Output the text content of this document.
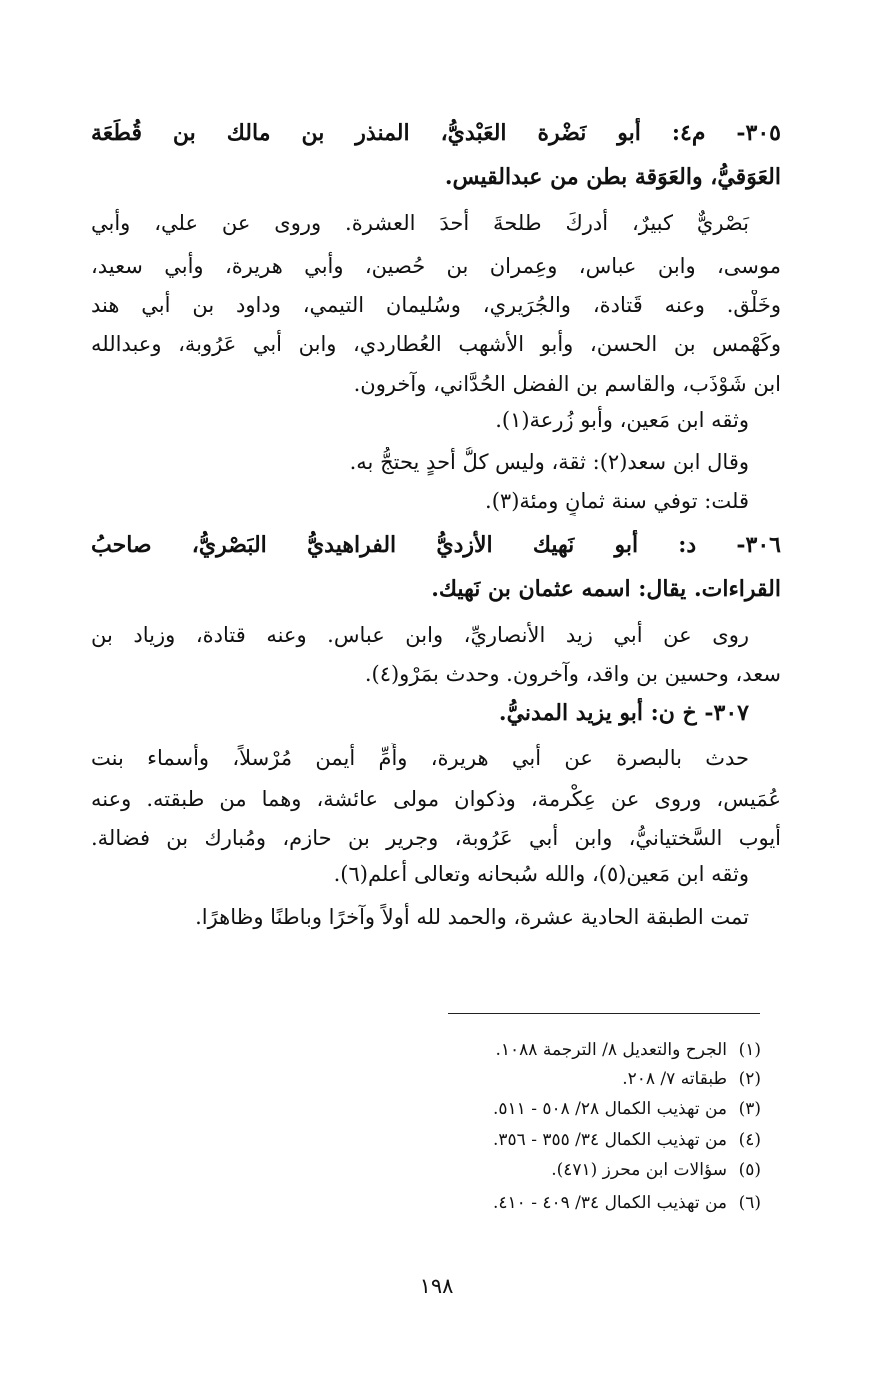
٣٠٥- م٤: أبو نَضْرة العَبْديُّ، المنذر بن مالك بن قُطَعَة
العَوَقيُّ، والعَوَقة بطن من عبدالقيس.
بَصْريٌّ كبيرٌ، أدركَ طلحةَ أحدَ العشرة. وروى عن علي، وأبي
موسى، وابن عباس، وعِمران بن حُصين، وأبي هريرة، وأبي سعيد،
وخَلْق. وعنه قَتادة، والجُرَيري، وسُليمان التيمي، وداود بن أبي هند
وكَهْمس بن الحسن، وأبو الأشهب العُطاردي، وابن أبي عَرُوبة، وعبدالله
ابن شَوْذَب، والقاسم بن الفضل الحُدَّاني، وآخرون.
وثقه ابن مَعين، وأبو زُرعة(١).
وقال ابن سعد(٢): ثقة، وليس كلُّ أحدٍ يحتجُّ به.
قلت: توفي سنة ثمانٍ ومئة(٣).
٣٠٦- د: أبو نَهيك الأزديُّ الفراهيديُّ البَصْريُّ، صاحبُ
القراءات. يقال: اسمه عثمان بن نَهيك.
روى عن أبي زيد الأنصاريِّ، وابن عباس. وعنه قتادة، وزياد بن
سعد، وحسين بن واقد، وآخرون. وحدث بمَرْو(٤).
٣٠٧- خ ن: أبو يزيد المدنيُّ.
حدث بالبصرة عن أبي هريرة، وأُمِّ أيمن مُرْسلاً، وأسماء بنت
عُمَيس، وروى عن عِكْرمة، وذكوان مولى عائشة، وهما من طبقته. وعنه
أيوب السَّختيانيُّ، وابن أبي عَرُوبة، وجرير بن حازم، ومُبارك بن فضالة.
وثقه ابن مَعين(٥)، والله سُبحانه وتعالى أعلم(٦).
تمت الطبقة الحادية عشرة، والحمد لله أولاً وآخرًا وباطنًا وظاهرًا.
(١)الجرح والتعديل ٨/ الترجمة ١٠٨٨.
(٢)طبقاته ٧/ ٢٠٨.
(٣)من تهذيب الكمال ٢٨/ ٥٠٨ - ٥١١.
(٤)من تهذيب الكمال ٣٤/ ٣٥٥ - ٣٥٦.
(٥)سؤالات ابن محرز (٤٧١).
(٦)من تهذيب الكمال ٣٤/ ٤٠٩ - ٤١٠.
١٩٨
